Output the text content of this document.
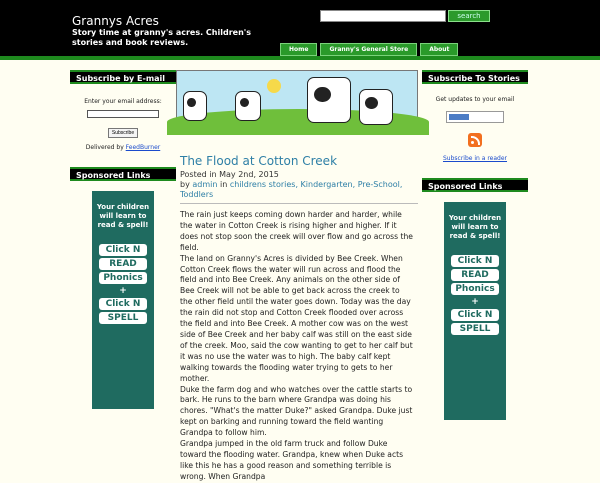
Grannys Acres
Story time at granny's acres. Children's stories and book reviews.
search
Home	Granny's General Store	About
Subscribe by E-mail
Enter your email address:
Subscribe
Delivered by FeedBurner
Sponsored Links
Your children will learn to read & spell!
Click N
READ
Phonics
+
Click N
SPELL
The Flood at Cotton Creek
Posted in May 2nd, 2015
by admin in childrens stories, Kindergarten, Pre-School, Toddlers

The rain just keeps coming down harder and harder, while the water in Cotton Creek is rising higher and higher. If it does not stop soon the creek will over flow and go across the field.

The land on Granny's Acres is divided by Bee Creek. When Cotton Creek flows the water will run across and flood the field and into Bee Creek. Any animals on the other side of Bee Creek will not be able to get back across the creek to the other field until the water goes down. Today was the day the rain did not stop and Cotton Creek flooded over across the field and into Bee Creek. A mother cow was on the west side of Bee Creek and her baby calf was still on the east side of the creek. Moo, said the cow wanting to get to her calf but it was no use the water was to high. The baby calf kept walking towards the flooding water trying to gets to her mother.

Duke the farm dog and who watches over the cattle starts to bark. He runs to the barn where Grandpa was doing his chores. "What's the matter Duke?" asked Grandpa. Duke just kept on barking and running toward the field wanting Grandpa to follow him.

Grandpa jumped in the old farm truck and follow Duke toward the flooding water. Grandpa, knew when Duke acts like this he has a good reason and something terrible is wrong. When Grandpa

Subscribe To Stories
Get updates to your email
Subscribe in a reader
Sponsored Links
Your children will learn to read & spell!
Click N
READ
Phonics
+
Click N
SPELL
